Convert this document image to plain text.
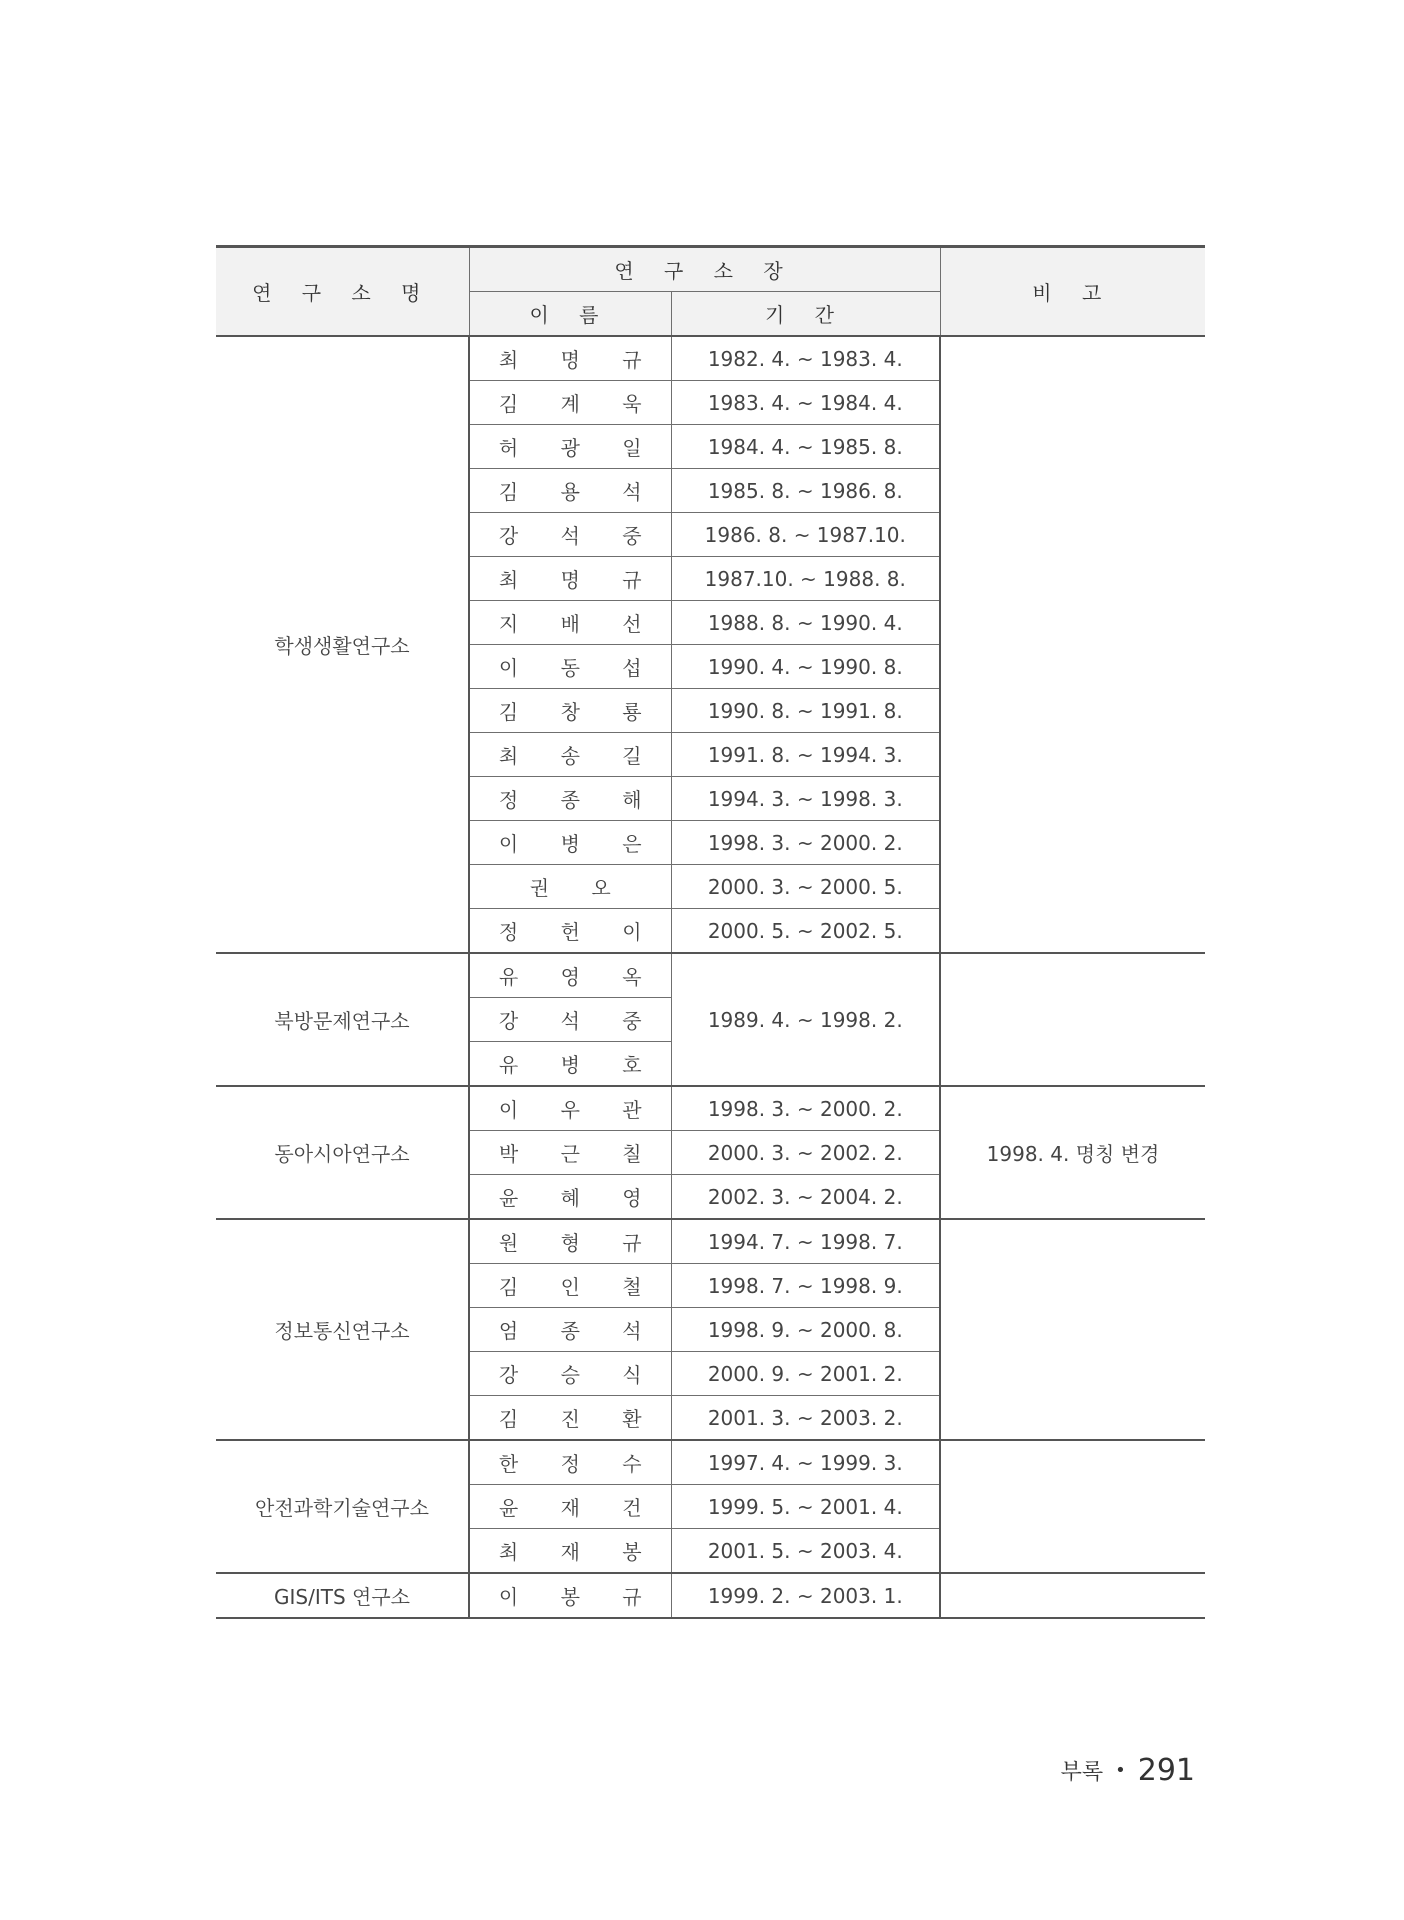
연 구 소 명	연 구 소 장		비 고
	이 름	기 간	
학생생활연구소	최 명 규	1982. 4. ~ 1983. 4.	
	김 계 욱	1983. 4. ~ 1984. 4.	
	허 광 일	1984. 4. ~ 1985. 8.	
	김 용 석	1985. 8. ~ 1986. 8.	
	강 석 중	1986. 8. ~ 1987.10.	
	최 명 규	1987.10. ~ 1988. 8.	
	지 배 선	1988. 8. ~ 1990. 4.	
	이 동 섭	1990. 4. ~ 1990. 8.	
	김 창 룡	1990. 8. ~ 1991. 8.	
	최 송 길	1991. 8. ~ 1994. 3.	
	정 종 해	1994. 3. ~ 1998. 3.	
	이 병 은	1998. 3. ~ 2000. 2.	
	권 오	2000. 3. ~ 2000. 5.	
	정 헌 이	2000. 5. ~ 2002. 5.	
북방문제연구소	유 영 옥	1989. 4. ~ 1998. 2.	
	강 석 중		
	유 병 호		
동아시아연구소	이 우 관	1998. 3. ~ 2000. 2.	1998. 4. 명칭 변경
	박 근 칠	2000. 3. ~ 2002. 2.	
	윤 혜 영	2002. 3. ~ 2004. 2.	
정보통신연구소	원 형 규	1994. 7. ~ 1998. 7.	
	김 인 철	1998. 7. ~ 1998. 9.	
	엄 종 석	1998. 9. ~ 2000. 8.	
	강 승 식	2000. 9. ~ 2001. 2.	
	김 진 환	2001. 3. ~ 2003. 2.	
안전과학기술연구소	한 정 수	1997. 4. ~ 1999. 3.	
	윤 재 건	1999. 5. ~ 2001. 4.	
	최 재 봉	2001. 5. ~ 2003. 4.	
GIS/ITS 연구소	이 봉 규	1999. 2. ~ 2003. 1.	
부록 • 291
